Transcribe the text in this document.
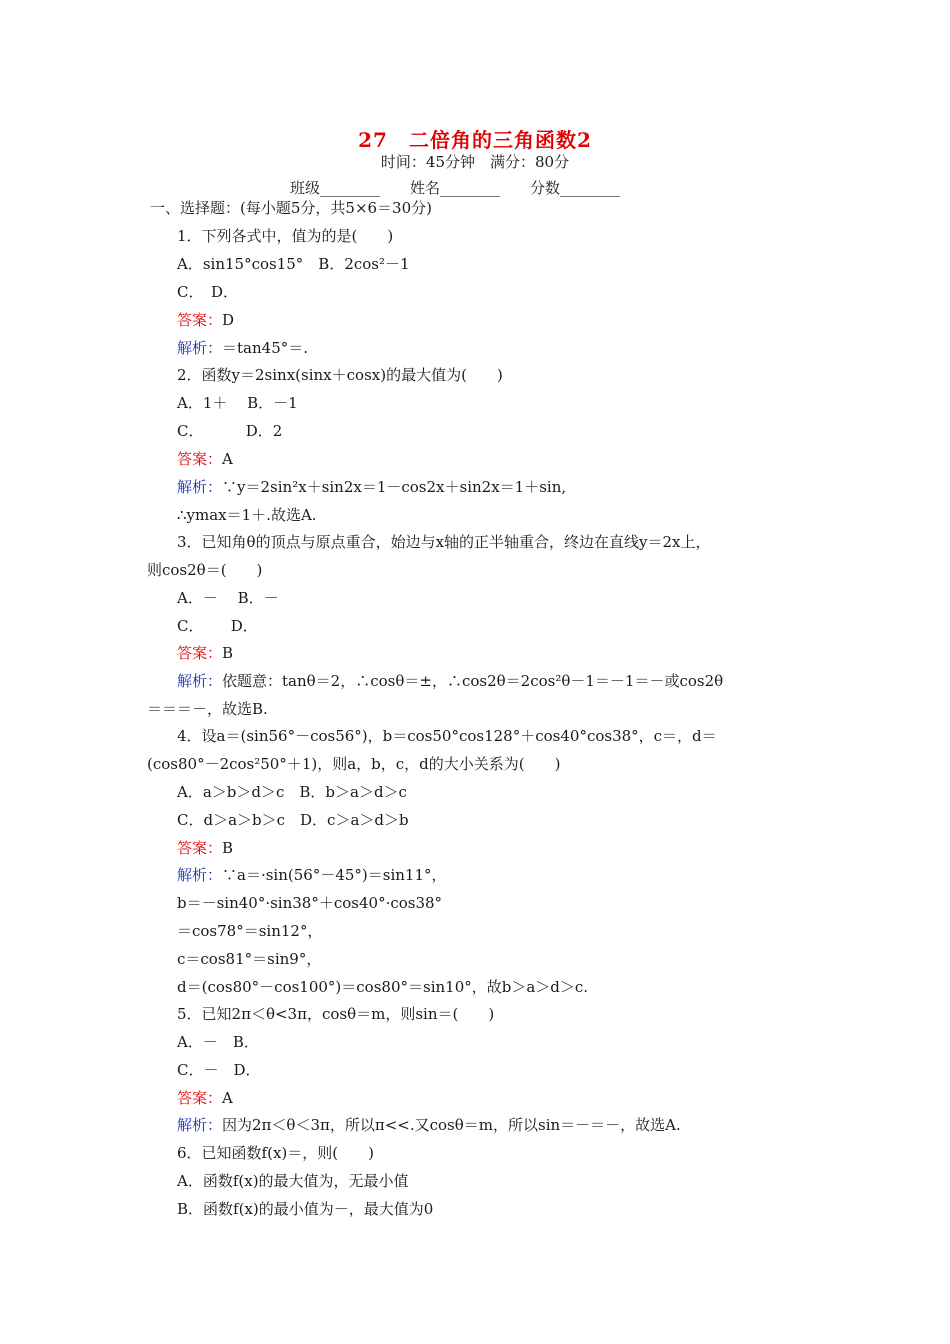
27　二倍角的三角函数2
时间：45分钟　满分：80分
班级________　　姓名________　　分数________
一、选择题：(每小题5分，共5×6＝30分)
1．下列各式中，值为的是(　　)
A．sin15°cos15°　B．2cos²－1
C．　D．
答案：D
解析：＝tan45°＝.
2．函数y＝2sinx(sinx＋cosx)的最大值为(　　)
A．1＋　 B．－1
C．　　 　D．2
答案：A
解析：∵y＝2sin²x＋sin2x＝1－cos2x＋sin2x＝1＋sin,
∴ymax＝1＋.故选A.
3．已知角θ的顶点与原点重合，始边与x轴的正半轴重合，终边在直线y＝2x上，
则cos2θ＝(　　)
A．－　 B．－
C．　　 D．
答案：B
解析：依题意：tanθ＝2，∴cosθ＝±，∴cos2θ＝2cos²θ－1＝－1＝－或cos2θ
＝＝＝－，故选B.
4．设a＝(sin56°－cos56°)，b＝cos50°cos128°＋cos40°cos38°，c＝，d＝
(cos80°－2cos²50°＋1)，则a，b，c，d的大小关系为(　　)
A．a＞b＞d＞c　B．b＞a＞d＞c
C．d＞a＞b＞c　D．c＞a＞d＞b
答案：B
解析：∵a＝·sin(56°－45°)＝sin11°，
b＝－sin40°·sin38°＋cos40°·cos38°
＝cos78°＝sin12°，
c＝cos81°＝sin9°，
d＝(cos80°－cos100°)＝cos80°＝sin10°，故b＞a＞d＞c.
5．已知2π＜θ<3π，cosθ＝m，则sin＝(　　)
A．－　B．
C．－　D．
答案：A
解析：因为2π＜θ＜3π，所以π<<.又cosθ＝m，所以sin＝－＝－，故选A.
6．已知函数f(x)＝，则(　　)
A．函数f(x)的最大值为，无最小值
B．函数f(x)的最小值为－，最大值为0
